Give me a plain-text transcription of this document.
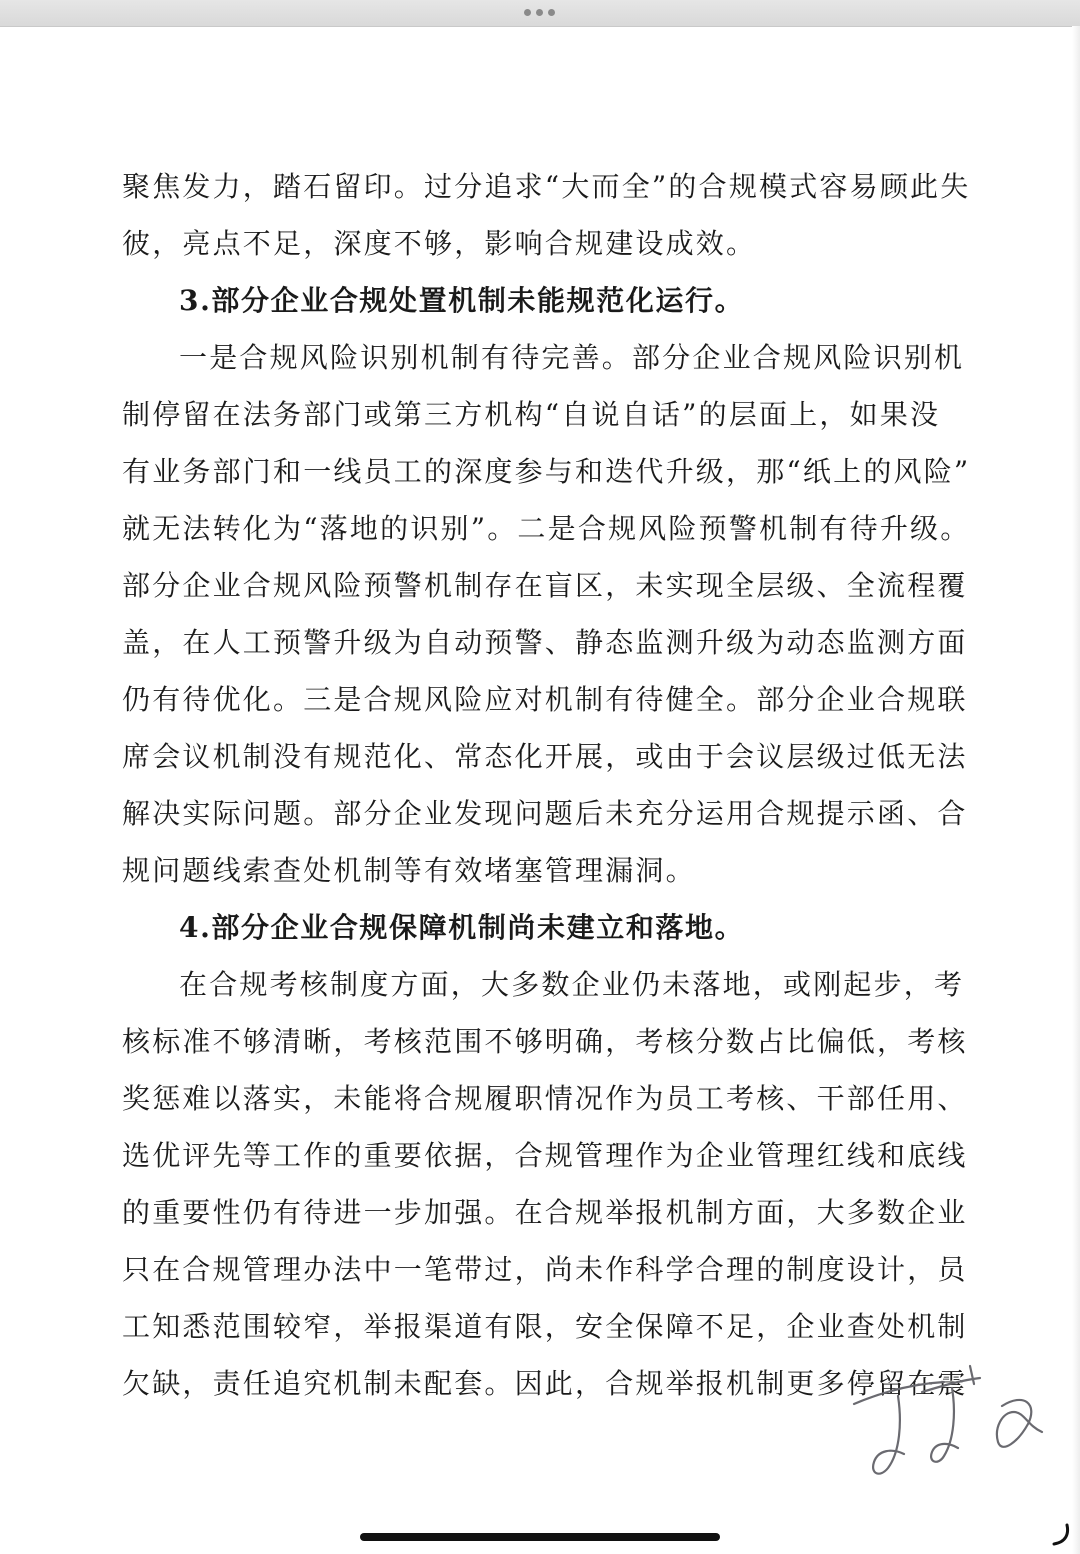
聚焦发力，踏石留印。过分追求“大而全”的合规模式容易顾此失
彼，亮点不足，深度不够，影响合规建设成效。
3.部分企业合规处置机制未能规范化运行。
一是合规风险识别机制有待完善。部分企业合规风险识别机
制停留在法务部门或第三方机构“自说自话”的层面上，如果没
有业务部门和一线员工的深度参与和迭代升级，那“纸上的风险”
就无法转化为“落地的识别”。二是合规风险预警机制有待升级。
部分企业合规风险预警机制存在盲区，未实现全层级、全流程覆
盖，在人工预警升级为自动预警、静态监测升级为动态监测方面
仍有待优化。三是合规风险应对机制有待健全。部分企业合规联
席会议机制没有规范化、常态化开展，或由于会议层级过低无法
解决实际问题。部分企业发现问题后未充分运用合规提示函、合
规问题线索查处机制等有效堵塞管理漏洞。
4.部分企业合规保障机制尚未建立和落地。
在合规考核制度方面，大多数企业仍未落地，或刚起步，考
核标准不够清晰，考核范围不够明确，考核分数占比偏低，考核
奖惩难以落实，未能将合规履职情况作为员工考核、干部任用、
选优评先等工作的重要依据，合规管理作为企业管理红线和底线
的重要性仍有待进一步加强。在合规举报机制方面，大多数企业
只在合规管理办法中一笔带过，尚未作科学合理的制度设计，员
工知悉范围较窄，举报渠道有限，安全保障不足，企业查处机制
欠缺，责任追究机制未配套。因此，合规举报机制更多停留在震
